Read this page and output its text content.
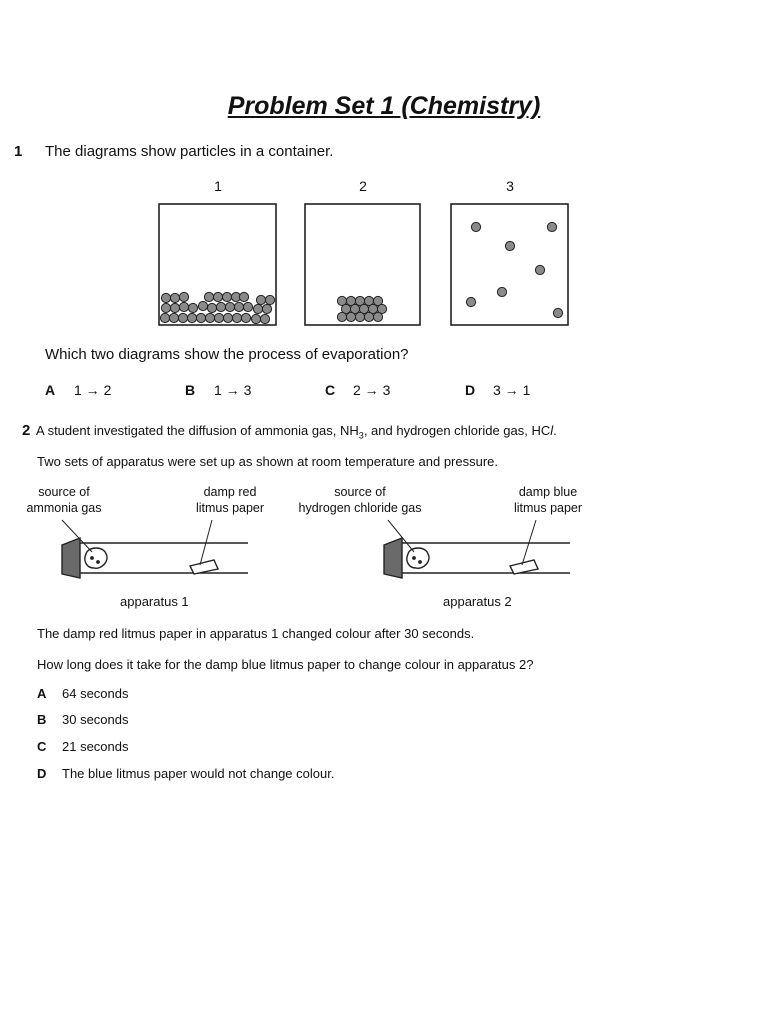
Problem Set 1 (Chemistry)
1 The diagrams show particles in a container.
1	2	3
Which two diagrams show the process of evaporation?
A 1 → 2	B 1 → 3	C 2 → 3	D 3 → 1
2 A student investigated the diffusion of ammonia gas, $NH_3$, and hydrogen chloride gas, HCl.
Two sets of apparatus were set up as shown at room temperature and pressure.
source of
ammonia gas
damp red
litmus paper
source of
hydrogen chloride gas
damp blue
litmus paper
apparatus 1	apparatus 2
The damp red litmus paper in apparatus 1 changed colour after 30 seconds.
How long does it take for the damp blue litmus paper to change colour in apparatus 2?
A 64 seconds
B 30 seconds
C 21 seconds
D The blue litmus paper would not change colour.
